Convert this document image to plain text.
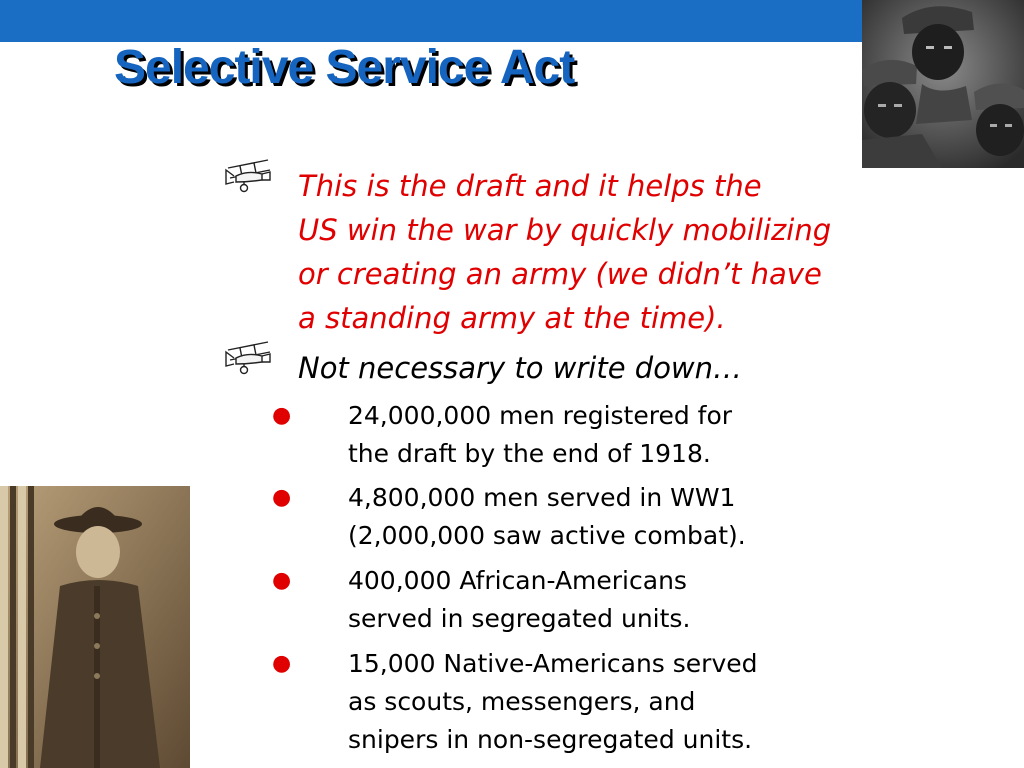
Selective Service Act
This is the draft and it helps the
US win the war by quickly mobilizing
or creating an army (we didn’t have
a standing army at the time).
Not necessary to write down…
● 24,000,000 men registered for
the draft by the end of 1918.
● 4,800,000 men served in WW1
(2,000,000 saw active combat).
● 400,000 African-Americans
served in segregated units.
● 15,000 Native-Americans served
as scouts, messengers, and
snipers in non-segregated units.
